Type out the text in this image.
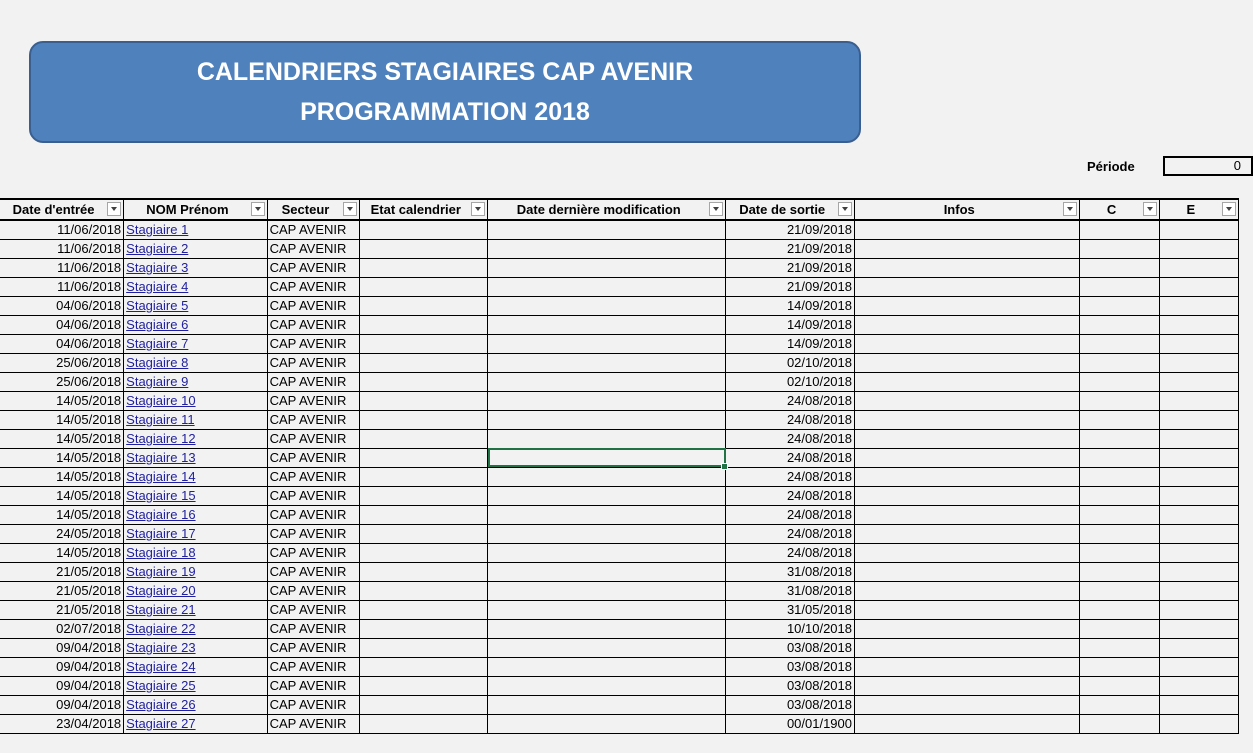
CALENDRIERS STAGIAIRES CAP AVENIR
PROGRAMMATION 2018
Période	0
Date d'entrée	NOM Prénom	Secteur	Etat calendrier	Date dernière modification	Date de sortie	Infos	C	E

11/06/2018	Stagiaire 1	CAP AVENIR			21/09/2018			
11/06/2018	Stagiaire 2	CAP AVENIR			21/09/2018			
11/06/2018	Stagiaire 3	CAP AVENIR			21/09/2018			
11/06/2018	Stagiaire 4	CAP AVENIR			21/09/2018			
04/06/2018	Stagiaire 5	CAP AVENIR			14/09/2018			
04/06/2018	Stagiaire 6	CAP AVENIR			14/09/2018			
04/06/2018	Stagiaire 7	CAP AVENIR			14/09/2018			
25/06/2018	Stagiaire 8	CAP AVENIR			02/10/2018			
25/06/2018	Stagiaire 9	CAP AVENIR			02/10/2018			
14/05/2018	Stagiaire 10	CAP AVENIR			24/08/2018			
14/05/2018	Stagiaire 11	CAP AVENIR			24/08/2018			
14/05/2018	Stagiaire 12	CAP AVENIR			24/08/2018			
14/05/2018	Stagiaire 13	CAP AVENIR			24/08/2018			
14/05/2018	Stagiaire 14	CAP AVENIR			24/08/2018			
14/05/2018	Stagiaire 15	CAP AVENIR			24/08/2018			
14/05/2018	Stagiaire 16	CAP AVENIR			24/08/2018			
24/05/2018	Stagiaire 17	CAP AVENIR			24/08/2018			
14/05/2018	Stagiaire 18	CAP AVENIR			24/08/2018			
21/05/2018	Stagiaire 19	CAP AVENIR			31/08/2018			
21/05/2018	Stagiaire 20	CAP AVENIR			31/08/2018			
21/05/2018	Stagiaire 21	CAP AVENIR			31/05/2018			
02/07/2018	Stagiaire 22	CAP AVENIR			10/10/2018			
09/04/2018	Stagiaire 23	CAP AVENIR			03/08/2018			
09/04/2018	Stagiaire 24	CAP AVENIR			03/08/2018			
09/04/2018	Stagiaire 25	CAP AVENIR			03/08/2018			
09/04/2018	Stagiaire 26	CAP AVENIR			03/08/2018			
23/04/2018	Stagiaire 27	CAP AVENIR			00/01/1900			
